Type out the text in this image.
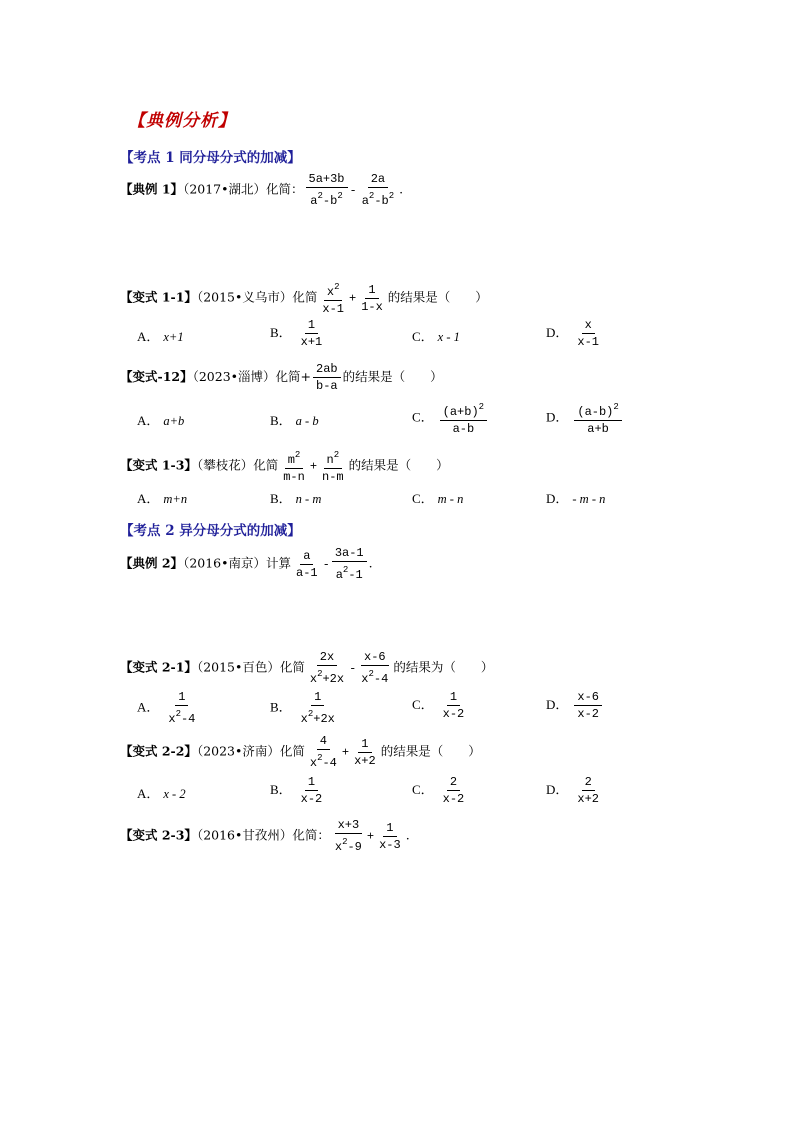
【典例分析】
【考点 1 同分母分式的加减】
【典例 1】（2017•湖北）化简： $\frac{5a+3b}{a^2-b^2} - \frac{2a}{a^2-b^2}$ .
【变式 1-1】（2015•义乌市）化简 $\frac{x^2}{x-1} + \frac{1}{1-x}$ 的结果是（　　）
A． x+1	B． $\frac{1}{x+1}$	C． x - 1	D． $\frac{x}{x-1}$
【变式-12】（2023•淄博）化简+ $\frac{2ab}{b-a}$ 的结果是（　　）
A． a+b	B． a - b	C． $\frac{(a+b)^2}{a-b}$	D． $\frac{(a-b)^2}{a+b}$
【变式 1-3】（攀枝花）化简 $\frac{m^2}{m-n} + \frac{n^2}{n-m}$ 的结果是（　　）
A． m+n	B． n - m	C． m - n	D． - m - n
【考点 2 异分母分式的加减】
【典例 2】（2016•南京）计算 $\frac{a}{a-1} - \frac{3a-1}{a^2-1}$ .
【变式 2-1】（2015•百色）化简 $\frac{2x}{x^2+2x} - \frac{x-6}{x^2-4}$ 的结果为（　　）
A． $\frac{1}{x^2-4}$	B． $\frac{1}{x^2+2x}$	C． $\frac{1}{x-2}$	D． $\frac{x-6}{x-2}$
【变式 2-2】（2023•济南）化简 $\frac{4}{x^2-4} + \frac{1}{x+2}$ 的结果是（　　）
A． x - 2	B． $\frac{1}{x-2}$	C． $\frac{2}{x-2}$	D． $\frac{2}{x+2}$
【变式 2-3】（2016•甘孜州）化简： $\frac{x+3}{x^2-9} + \frac{1}{x-3}$ .
